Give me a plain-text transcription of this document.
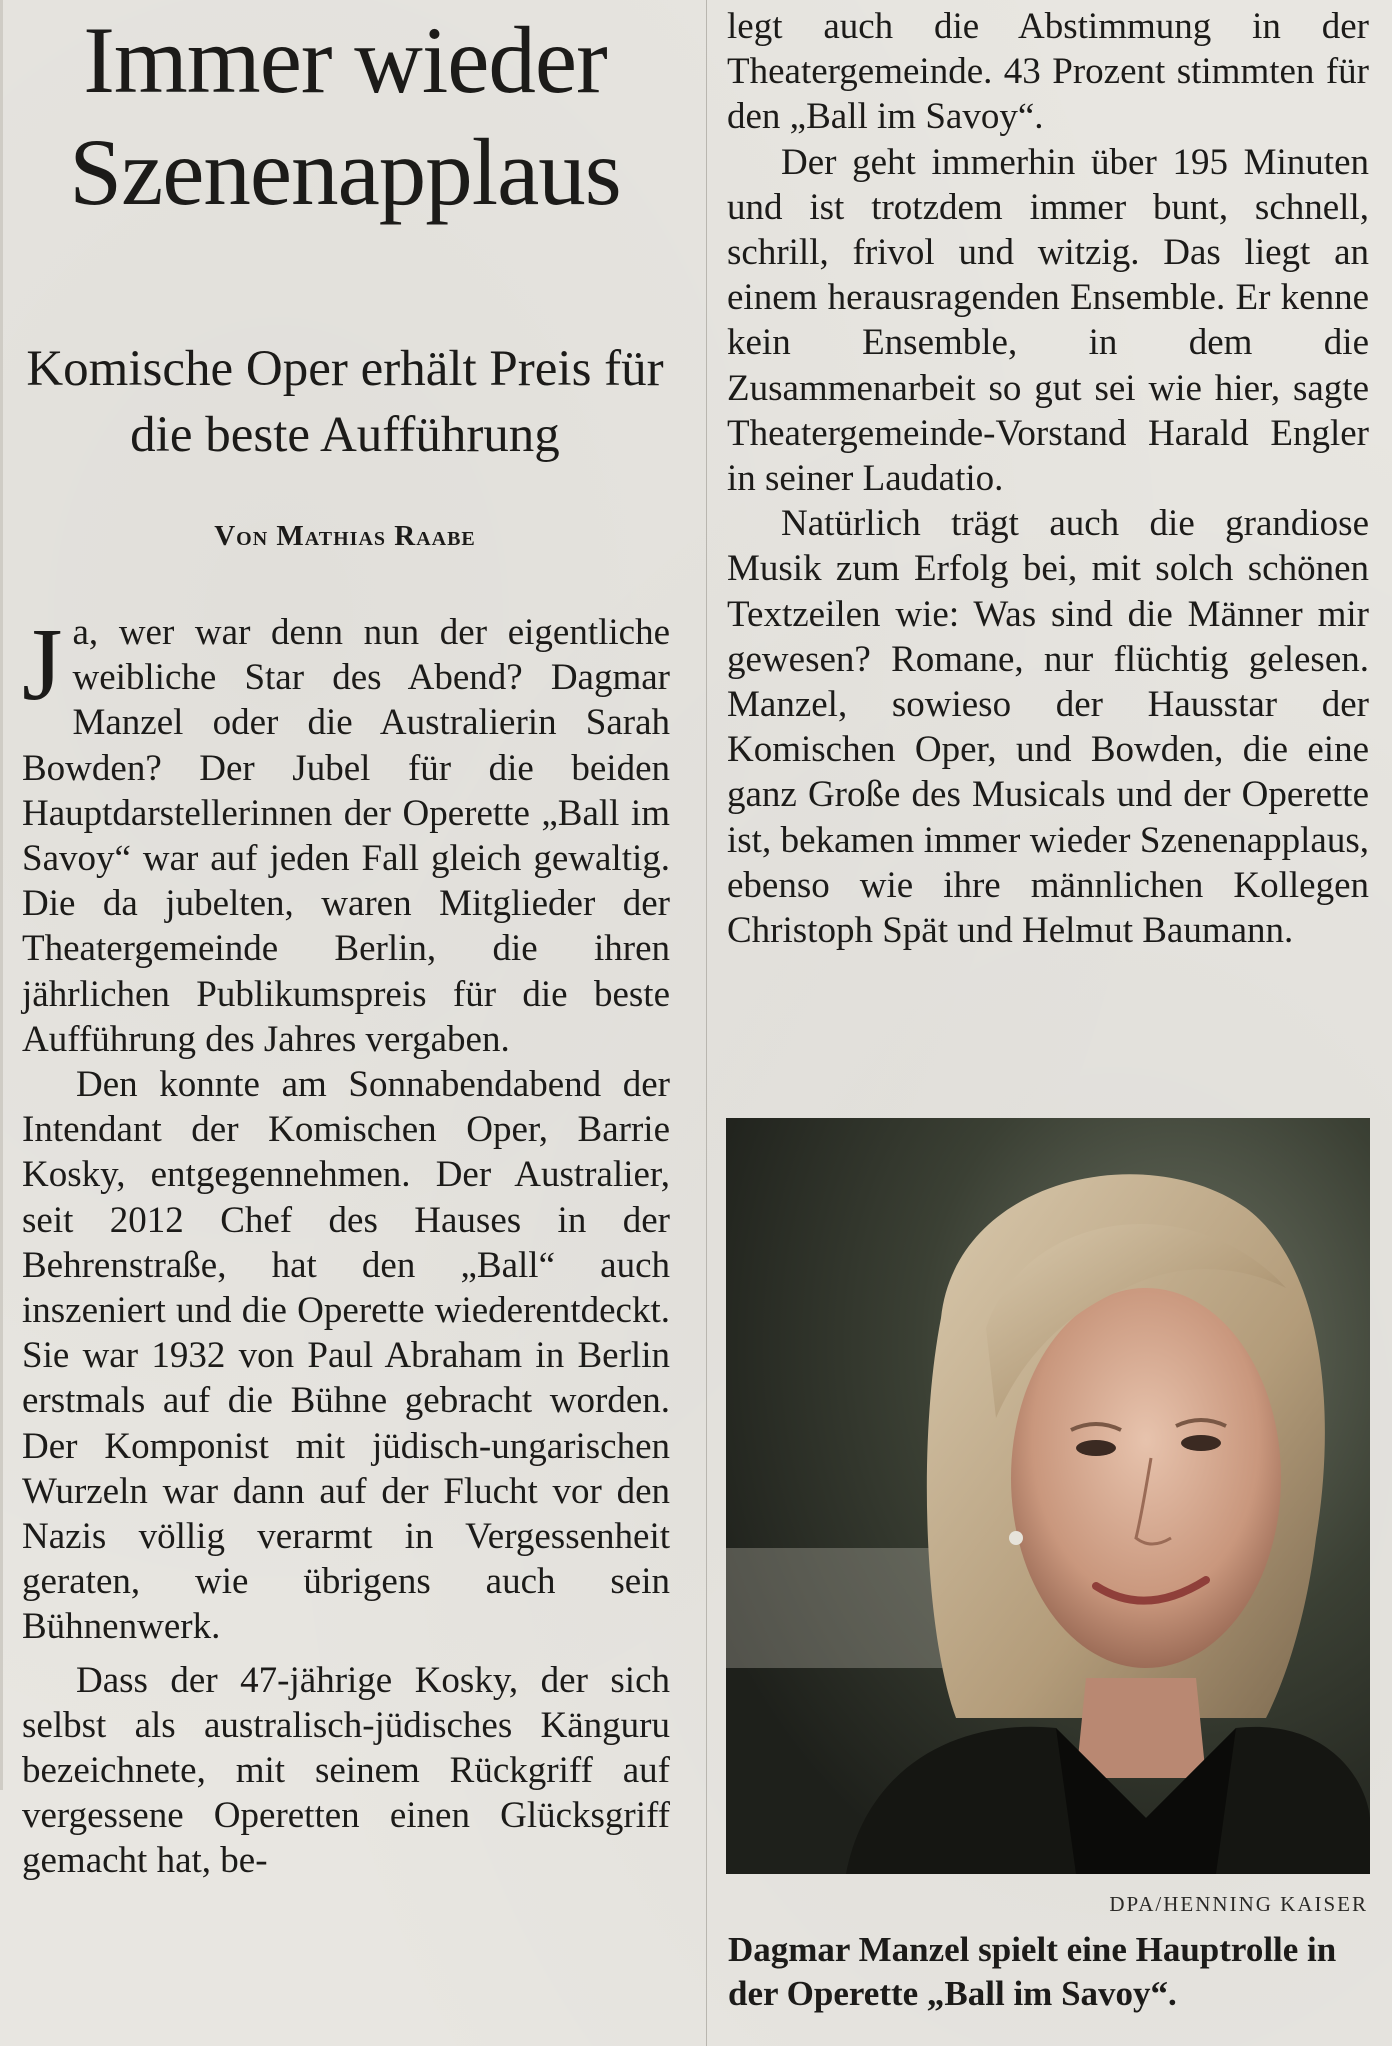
Immer wieder Szenenapplaus
Komische Oper erhält Preis für die beste Aufführung
Von Mathias Raabe

Ja, wer war denn nun der eigentliche weibliche Star des Abend? Dagmar Manzel oder die Australierin Sarah Bowden? Der Jubel für die beiden Hauptdarstellerinnen der Operette „Ball im Savoy“ war auf jeden Fall gleich gewaltig. Die da jubelten, waren Mitglieder der Theatergemeinde Berlin, die ihren jährlichen Publikumspreis für die beste Aufführung des Jahres vergaben.

Den konnte am Sonnabendabend der Intendant der Komischen Oper, Barrie Kosky, entgegennehmen. Der Australier, seit 2012 Chef des Hauses in der Behrenstraße, hat den „Ball“ auch inszeniert und die Operette wiederentdeckt. Sie war 1932 von Paul Abraham in Berlin erstmals auf die Bühne gebracht worden. Der Komponist mit jüdisch-ungarischen Wurzeln war dann auf der Flucht vor den Nazis völlig verarmt in Vergessenheit geraten, wie übrigens auch sein Bühnenwerk.

Dass der 47-jährige Kosky, der sich selbst als australisch-jüdisches Känguru bezeichnete, mit seinem Rückgriff auf vergessene Operetten einen Glücksgriff gemacht hat, be-

legt auch die Abstimmung in der Theatergemeinde. 43 Prozent stimmten für den „Ball im Savoy“.

Der geht immerhin über 195 Minuten und ist trotzdem immer bunt, schnell, schrill, frivol und witzig. Das liegt an einem herausragenden Ensemble. Er kenne kein Ensemble, in dem die Zusammenarbeit so gut sei wie hier, sagte Theatergemeinde-Vorstand Harald Engler in seiner Laudatio.

Natürlich trägt auch die grandiose Musik zum Erfolg bei, mit solch schönen Textzeilen wie: Was sind die Männer mir gewesen? Romane, nur flüchtig gelesen. Manzel, sowieso der Hausstar der Komischen Oper, und Bowden, die eine ganz Große des Musicals und der Operette ist, bekamen immer wieder Szenenapplaus, ebenso wie ihre männlichen Kollegen Christoph Spät und Helmut Baumann.

DPA/HENNING KAISER

Dagmar Manzel spielt eine Hauptrolle in der Operette „Ball im Savoy“.
